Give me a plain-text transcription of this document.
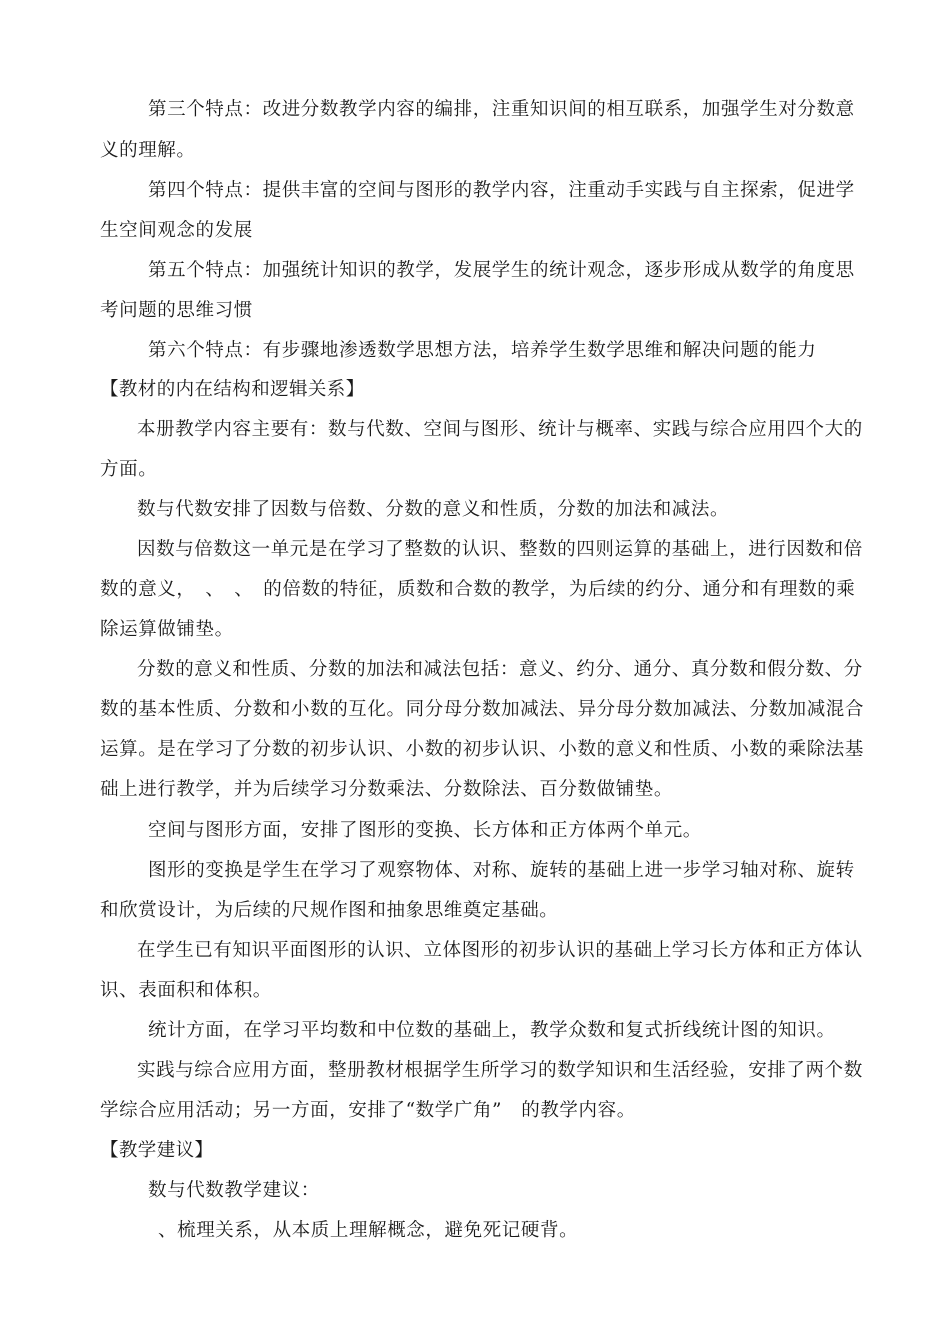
第三个特点：改进分数教学内容的编排，注重知识间的相互联系，加强学生对分数意
义的理解。
第四个特点：提供丰富的空间与图形的教学内容，注重动手实践与自主探索，促进学
生空间观念的发展
第五个特点：加强统计知识的教学，发展学生的统计观念，逐步形成从数学的角度思
考问题的思维习惯
第六个特点：有步骤地渗透数学思想方法，培养学生数学思维和解决问题的能力
【教材的内在结构和逻辑关系】
本册教学内容主要有：数与代数、空间与图形、统计与概率、实践与综合应用四个大的
方面。
数与代数安排了因数与倍数、分数的意义和性质，分数的加法和减法。
因数与倍数这一单元是在学习了整数的认识、整数的四则运算的基础上，进行因数和倍
数的意义，　、　、　的倍数的特征，质数和合数的教学，为后续的约分、通分和有理数的乘
除运算做铺垫。
分数的意义和性质、分数的加法和减法包括：意义、约分、通分、真分数和假分数、分
数的基本性质、分数和小数的互化。同分母分数加减法、异分母分数加减法、分数加减混合
运算。是在学习了分数的初步认识、小数的初步认识、小数的意义和性质、小数的乘除法基
础上进行教学，并为后续学习分数乘法、分数除法、百分数做铺垫。
空间与图形方面，安排了图形的变换、长方体和正方体两个单元。
图形的变换是学生在学习了观察物体、对称、旋转的基础上进一步学习轴对称、旋转
和欣赏设计，为后续的尺规作图和抽象思维奠定基础。
在学生已有知识平面图形的认识、立体图形的初步认识的基础上学习长方体和正方体认
识、表面积和体积。
统计方面，在学习平均数和中位数的基础上，教学众数和复式折线统计图的知识。
实践与综合应用方面，整册教材根据学生所学习的数学知识和生活经验，安排了两个数
学综合应用活动；另一方面，安排了“数学广角”　的教学内容。
【教学建议】
数与代数教学建议：
、梳理关系，从本质上理解概念，避免死记硬背。
